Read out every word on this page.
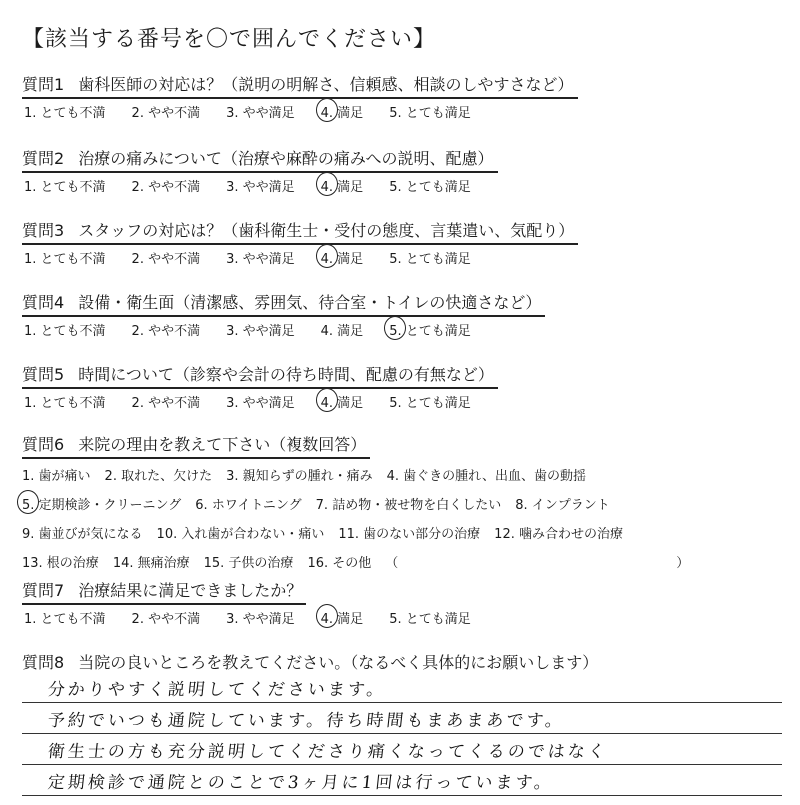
【該当する番号を〇で囲んでください】
質問1 歯科医師の対応は？（説明の明解さ、信頼感、相談のしやすさなど）
1. とても不満 2. やや不満 3. やや満足 4. 満足 5. とても満足
質問2 治療の痛みについて（治療や麻酔の痛みへの説明、配慮）
1. とても不満 2. やや不満 3. やや満足 4. 満足 5. とても満足
質問3 スタッフの対応は？（歯科衛生士・受付の態度、言葉遣い、気配り）
1. とても不満 2. やや不満 3. やや満足 4. 満足 5. とても満足
質問4 設備・衛生面（清潔感、雰囲気、待合室・トイレの快適さなど）
1. とても不満 2. やや不満 3. やや満足 4. 満足 5. とても満足
質問5 時間について（診察や会計の待ち時間、配慮の有無など）
1. とても不満 2. やや不満 3. やや満足 4. 満足 5. とても満足
質問6 来院の理由を教えて下さい（複数回答）
1. 歯が痛い 2. 取れた、欠けた 3. 親知らずの腫れ・痛み 4. 歯ぐきの腫れ、出血、歯の動揺
5. 定期検診・クリーニング 6. ホワイトニング 7. 詰め物・被せ物を白くしたい 8. インプラント
9. 歯並びが気になる 10. 入れ歯が合わない・痛い 11. 歯のない部分の治療 12. 噛み合わせの治療
13. 根の治療 14. 無痛治療 15. 子供の治療 16. その他 （	）
質問7 治療結果に満足できましたか？
1. とても不満 2. やや不満 3. やや満足 4. 満足 5. とても満足
質問8 当院の良いところを教えてください。（なるべく具体的にお願いします）
分かりやすく説明してくださいます。
予約でいつも通院しています。待ち時間もまあまあです。
衛生士の方も充分説明してくださり痛くなってくるのではなく
定期検診で通院とのことで3ヶ月に1回は行っています。
